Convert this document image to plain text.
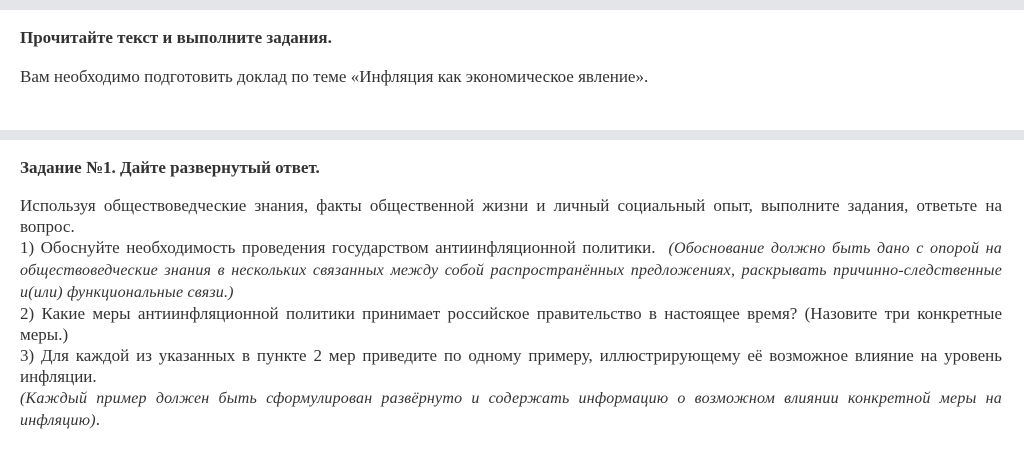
Прочитайте текст и выполните задания.

Вам необходимо подготовить доклад по теме «Инфляция как экономическое явление».

Задание №1. Дайте развернутый ответ.

Используя обществоведческие знания, факты общественной жизни и личный социальный опыт, выполните задания, ответьте на вопрос.

1) Обоснуйте необходимость проведения государством антиинфляционной политики. (Обоснование должно быть дано с опорой на обществоведческие знания в нескольких связанных между собой распространённых предложениях, раскрывать причинно-следственные и(или) функциональные связи.)

2) Какие меры антиинфляционной политики принимает российское правительство в настоящее время? (Назовите три конкретные меры.)

3) Для каждой из указанных в пункте 2 мер приведите по одному примеру, иллюстрирующему её возможное влияние на уровень инфляции.

(Каждый пример должен быть сформулирован развёрнуто и содержать информацию о возможном влиянии конкретной меры на инфляцию).
